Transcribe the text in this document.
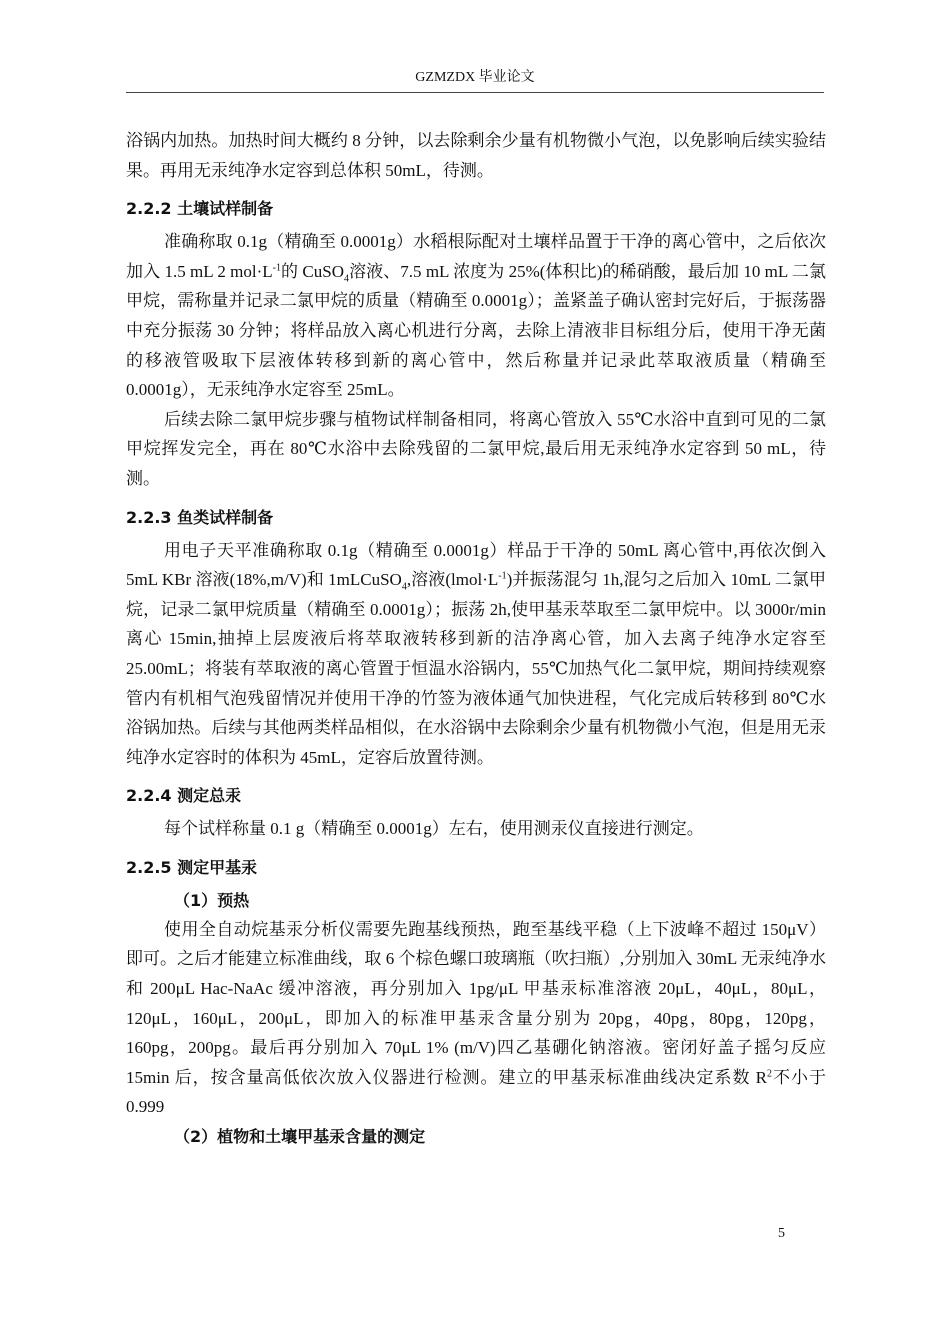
GZMZDX 毕业论文

浴锅内加热。加热时间大概约 8 分钟，以去除剩余少量有机物微小气泡，以免影响后续实验结果。再用无汞纯净水定容到总体积 50mL，待测。

2.2.2 土壤试样制备

准确称取 0.1g（精确至 0.0001g）水稻根际配对土壤样品置于干净的离心管中，之后依次加入 1.5 mL 2 $mol\cdot L^{-1}$的 CuSO$_4$溶液、7.5 mL 浓度为 25%(体积比)的稀硝酸，最后加 10 mL 二氯甲烷，需称量并记录二氯甲烷的质量（精确至 0.0001g）；盖紧盖子确认密封完好后，于振荡器中充分振荡 30 分钟；将样品放入离心机进行分离，去除上清液非目标组分后，使用干净无菌的移液管吸取下层液体转移到新的离心管中，然后称量并记录此萃取液质量（精确至 0.0001g），无汞纯净水定容至 25mL。

后续去除二氯甲烷步骤与植物试样制备相同，将离心管放入 55℃水浴中直到可见的二氯甲烷挥发完全，再在 80℃水浴中去除残留的二氯甲烷,最后用无汞纯净水定容到 50 mL，待测。

2.2.3 鱼类试样制备

用电子天平准确称取 0.1g（精确至 0.0001g）样品于干净的 50mL 离心管中,再依次倒入 5mL KBr 溶液(18%,m/V)和 1mLCuSO$_4$,溶液$(lmol\cdot L^{-1})$并振荡混匀 1h,混匀之后加入 10mL 二氯甲烷，记录二氯甲烷质量（精确至 0.0001g）；振荡 2h,使甲基汞萃取至二氯甲烷中。以 3000r/min 离心 15min,抽掉上层废液后将萃取液转移到新的洁净离心管，加入去离子纯净水定容至 25.00mL；将装有萃取液的离心管置于恒温水浴锅内，55℃加热气化二氯甲烷，期间持续观察管内有机相气泡残留情况并使用干净的竹签为液体通气加快进程，气化完成后转移到 80℃水浴锅加热。后续与其他两类样品相似，在水浴锅中去除剩余少量有机物微小气泡，但是用无汞纯净水定容时的体积为 45mL，定容后放置待测。

2.2.4 测定总汞

每个试样称量 0.1 g（精确至 0.0001g）左右，使用测汞仪直接进行测定。

2.2.5 测定甲基汞

（1）预热

使用全自动烷基汞分析仪需要先跑基线预热，跑至基线平稳（上下波峰不超过 150μV）即可。之后才能建立标准曲线，取 6 个棕色螺口玻璃瓶（吹扫瓶）,分别加入 30mL 无汞纯净水和 200μL Hac-NaAc 缓冲溶液，再分别加入 1pg/μL 甲基汞标准溶液 20μL，40μL，80μL，120μL，160μL，200μL，即加入的标准甲基汞含量分别为 20pg，40pg，80pg，120pg，160pg，200pg。最后再分别加入 70μL 1% (m/V)四乙基硼化钠溶液。密闭好盖子摇匀反应 15min 后，按含量高低依次放入仪器进行检测。建立的甲基汞标准曲线决定系数 $R^2$不小于 0.999

（2）植物和土壤甲基汞含量的测定

5
